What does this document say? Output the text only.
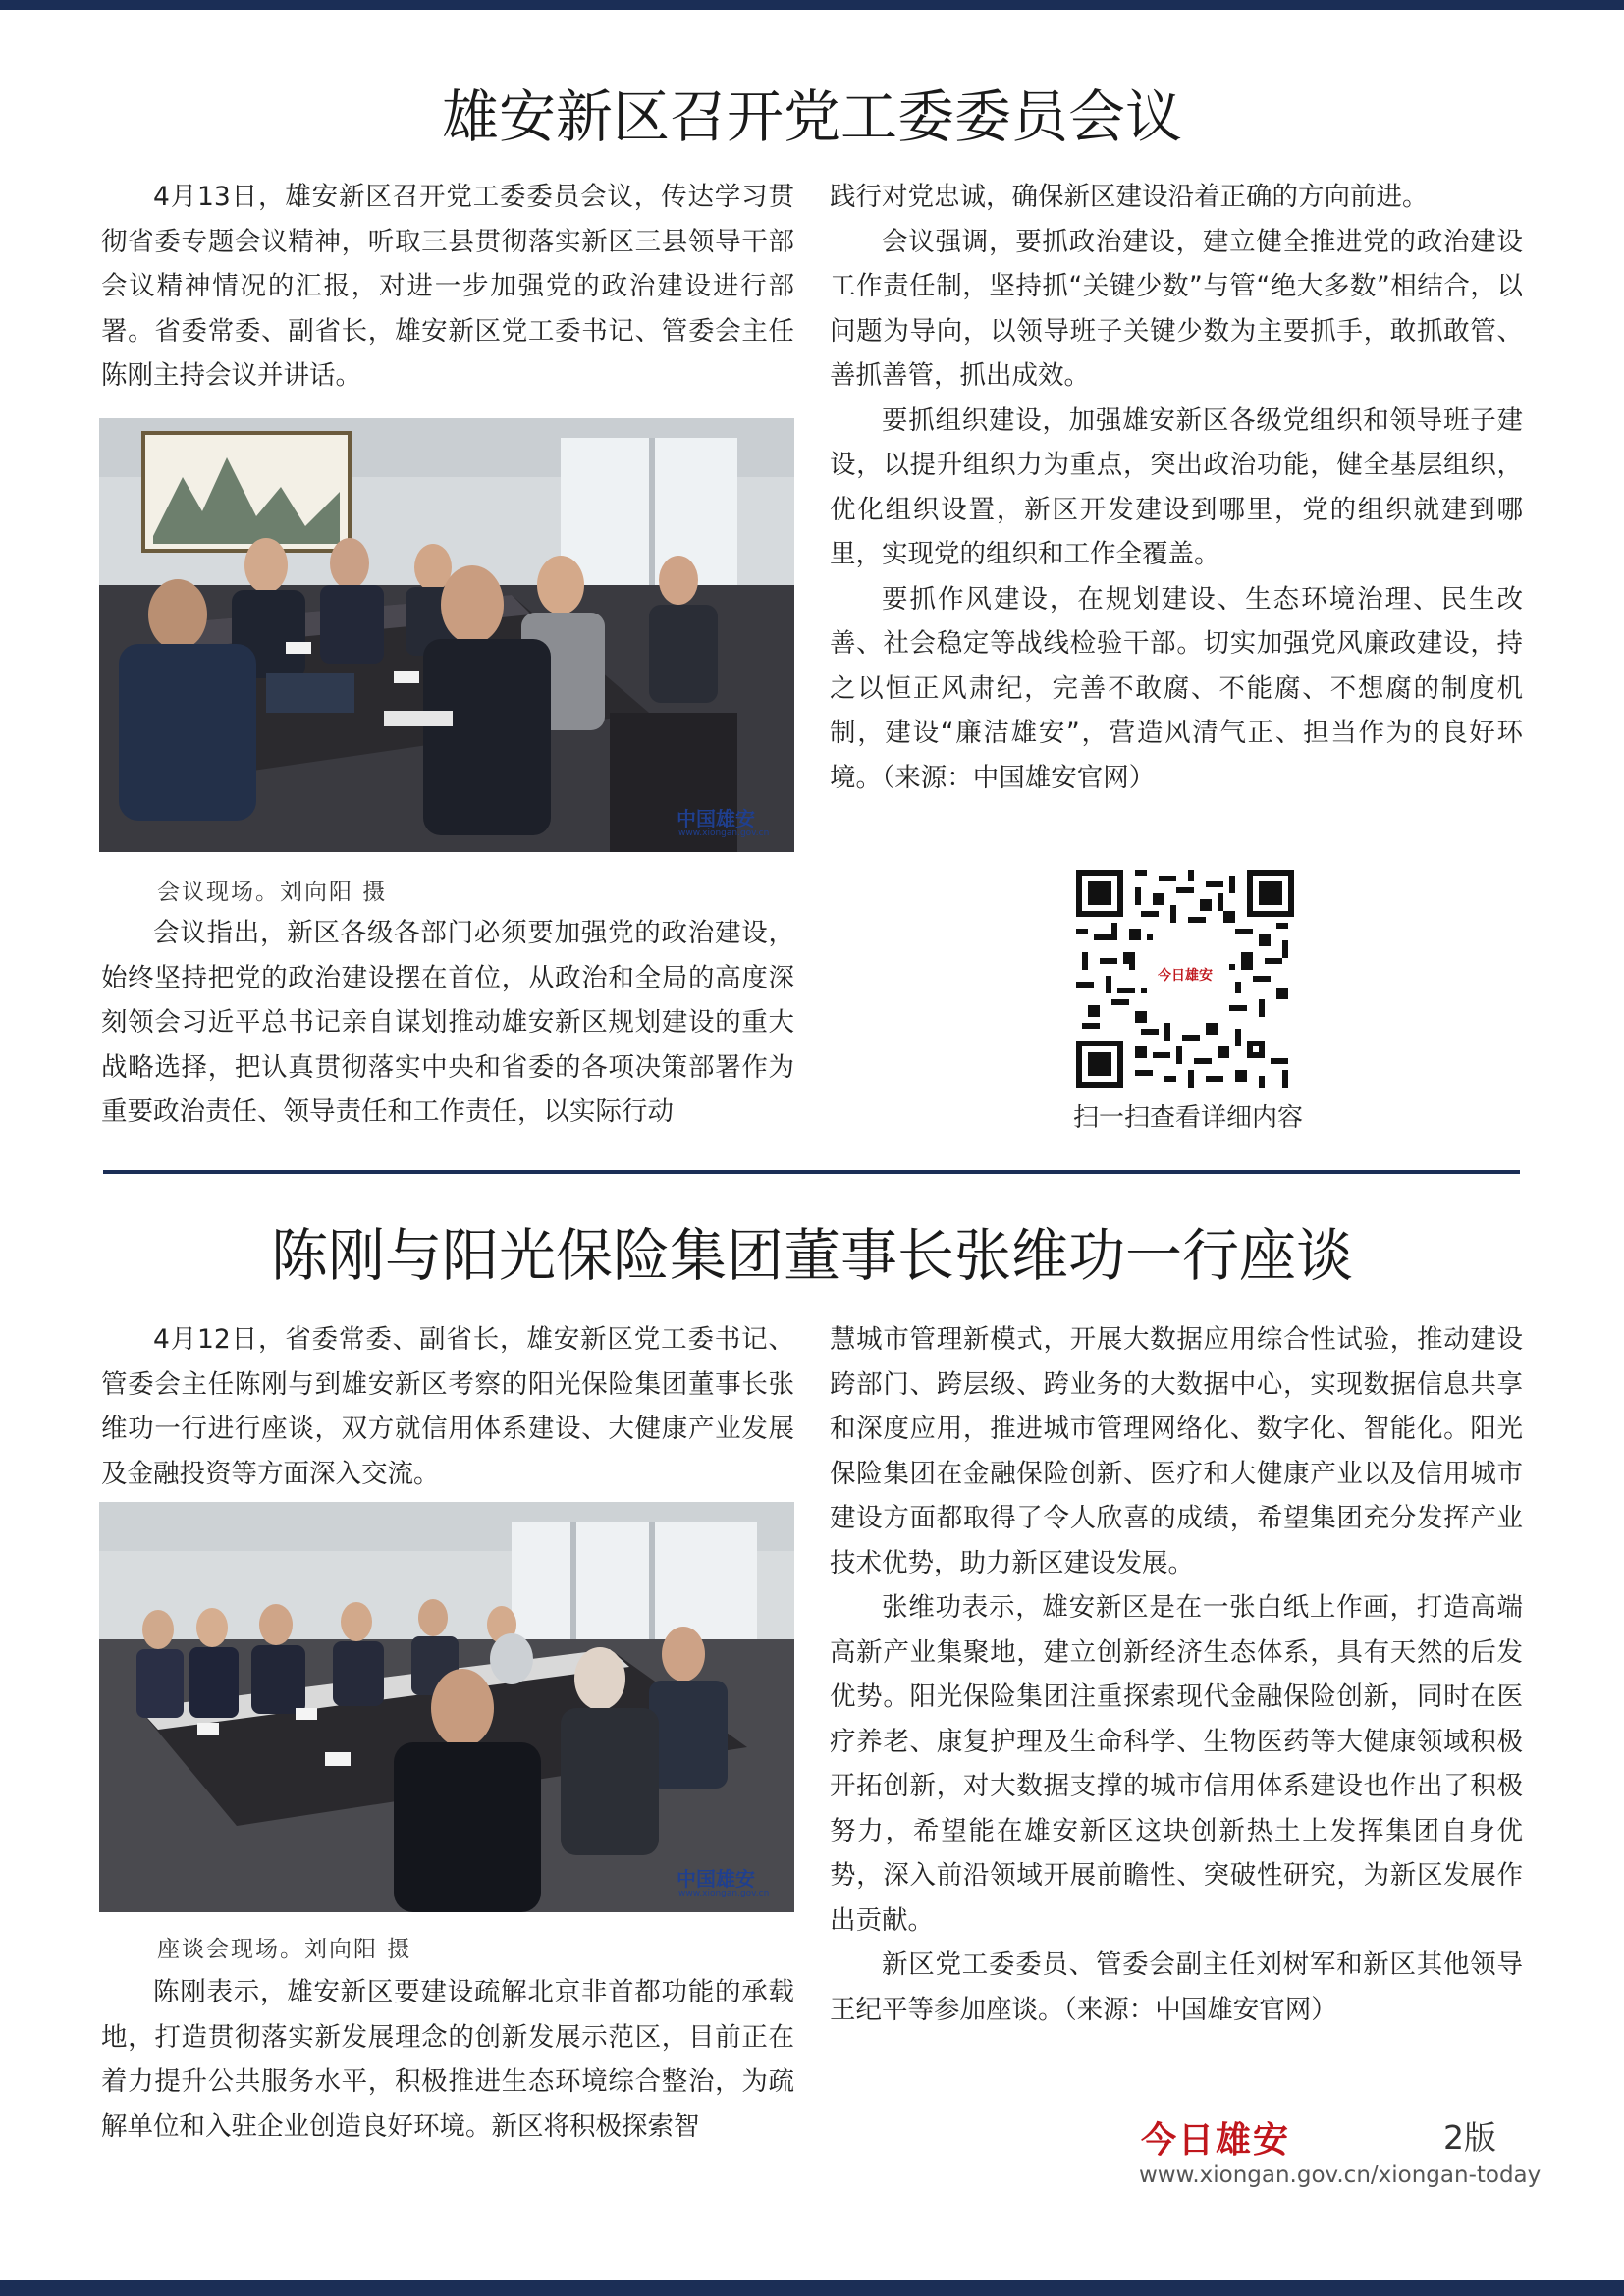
雄安新区召开党工委委员会议

4月13日，雄安新区召开党工委委员会议，传达学习贯彻省委专题会议精神，听取三县贯彻落实新区三县领导干部会议精神情况的汇报，对进一步加强党的政治建设进行部署。省委常委、副省长，雄安新区党工委书记、管委会主任陈刚主持会议并讲话。

中国雄安
www.xiongan.gov.cn
会议现场。刘向阳 摄

会议指出，新区各级各部门必须要加强党的政治建设，始终坚持把党的政治建设摆在首位，从政治和全局的高度深刻领会习近平总书记亲自谋划推动雄安新区规划建设的重大战略选择，把认真贯彻落实中央和省委的各项决策部署作为重要政治责任、领导责任和工作责任，以实际行动

践行对党忠诚，确保新区建设沿着正确的方向前进。

会议强调，要抓政治建设，建立健全推进党的政治建设工作责任制，坚持抓“关键少数”与管“绝大多数”相结合，以问题为导向，以领导班子关键少数为主要抓手，敢抓敢管、善抓善管，抓出成效。

要抓组织建设，加强雄安新区各级党组织和领导班子建设，以提升组织力为重点，突出政治功能，健全基层组织，优化组织设置，新区开发建设到哪里，党的组织就建到哪里，实现党的组织和工作全覆盖。

要抓作风建设，在规划建设、生态环境治理、民生改善、社会稳定等战线检验干部。切实加强党风廉政建设，持之以恒正风肃纪，完善不敢腐、不能腐、不想腐的制度机制，建设“廉洁雄安”，营造风清气正、担当作为的良好环境。（来源：中国雄安官网）

今日雄安
扫一扫查看详细内容
陈刚与阳光保险集团董事长张维功一行座谈

4月12日，省委常委、副省长，雄安新区党工委书记、管委会主任陈刚与到雄安新区考察的阳光保险集团董事长张维功一行进行座谈，双方就信用体系建设、大健康产业发展及金融投资等方面深入交流。

中国雄安
www.xiongan.gov.cn
座谈会现场。刘向阳 摄

陈刚表示，雄安新区要建设疏解北京非首都功能的承载地，打造贯彻落实新发展理念的创新发展示范区，目前正在着力提升公共服务水平，积极推进生态环境综合整治，为疏解单位和入驻企业创造良好环境。新区将积极探索智

慧城市管理新模式，开展大数据应用综合性试验，推动建设跨部门、跨层级、跨业务的大数据中心，实现数据信息共享和深度应用，推进城市管理网络化、数字化、智能化。阳光保险集团在金融保险创新、医疗和大健康产业以及信用城市建设方面都取得了令人欣喜的成绩，希望集团充分发挥产业技术优势，助力新区建设发展。

张维功表示，雄安新区是在一张白纸上作画，打造高端高新产业集聚地，建立创新经济生态体系，具有天然的后发优势。阳光保险集团注重探索现代金融保险创新，同时在医疗养老、康复护理及生命科学、生物医药等大健康领域积极开拓创新，对大数据支撑的城市信用体系建设也作出了积极努力，希望能在雄安新区这块创新热土上发挥集团自身优势，深入前沿领域开展前瞻性、突破性研究，为新区发展作出贡献。

新区党工委委员、管委会副主任刘树军和新区其他领导王纪平等参加座谈。（来源：中国雄安官网）

今日雄安	2版
www.xiongan.gov.cn/xiongan-today
